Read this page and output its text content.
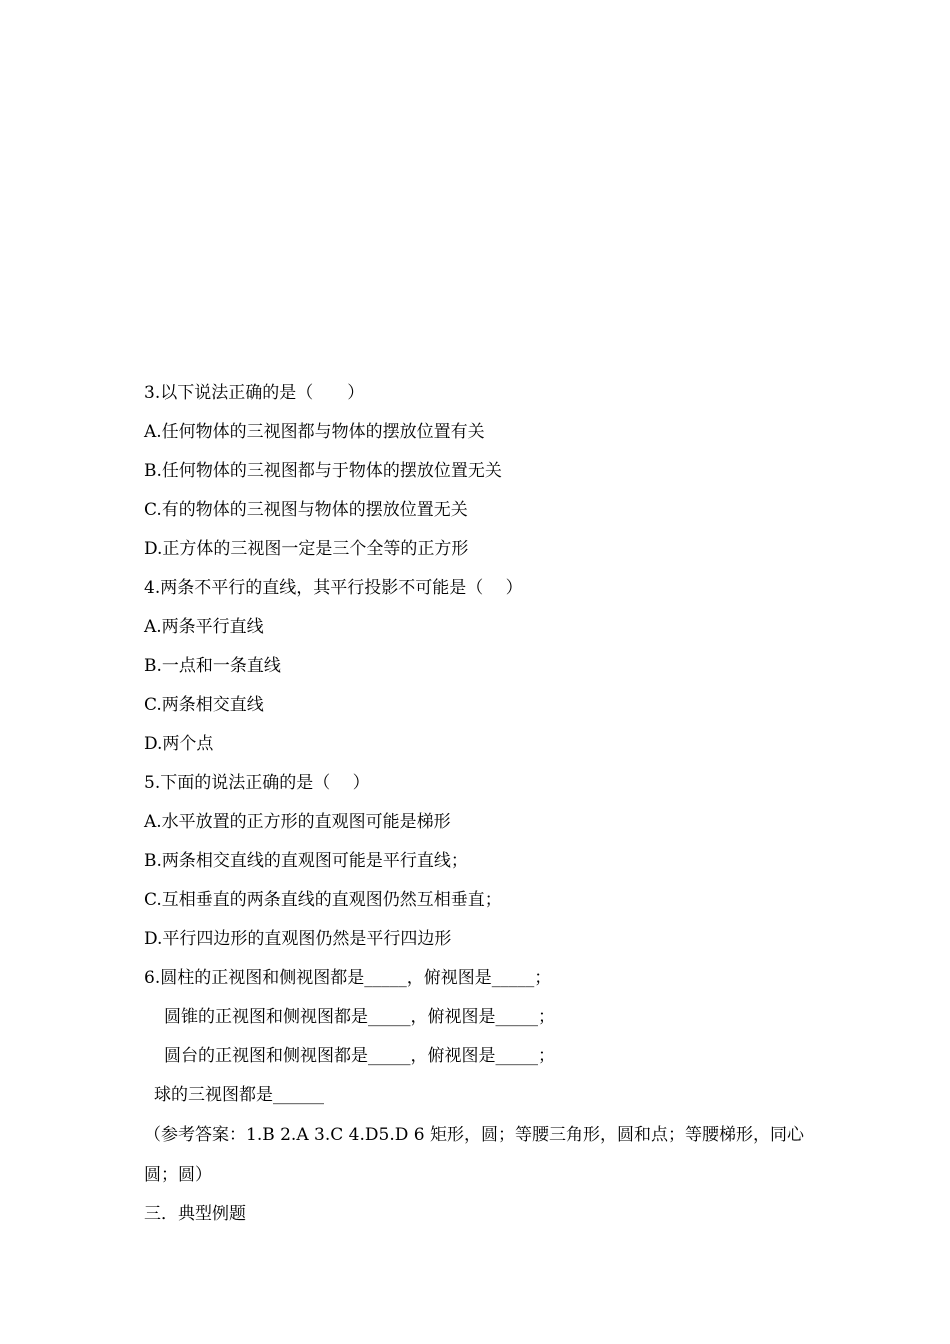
3.以下说法正确的是（　　）
A.任何物体的三视图都与物体的摆放位置有关
B.任何物体的三视图都与于物体的摆放位置无关
C.有的物体的三视图与物体的摆放位置无关
D.正方体的三视图一定是三个全等的正方形
4.两条不平行的直线，其平行投影不可能是（　 ）
A.两条平行直线
B.一点和一条直线
C.两条相交直线
D.两个点
5.下面的说法正确的是（　 ）
A.水平放置的正方形的直观图可能是梯形
B.两条相交直线的直观图可能是平行直线；
C.互相垂直的两条直线的直观图仍然互相垂直；
D.平行四边形的直观图仍然是平行四边形
6.圆柱的正视图和侧视图都是_____，俯视图是_____；
圆锥的正视图和侧视图都是_____，俯视图是_____；
圆台的正视图和侧视图都是_____，俯视图是_____；
球的三视图都是______
（参考答案：1.B 2.A 3.C 4.D5.D 6 矩形，圆；等腰三角形，圆和点；等腰梯形，同心圆；圆）
三．典型例题
